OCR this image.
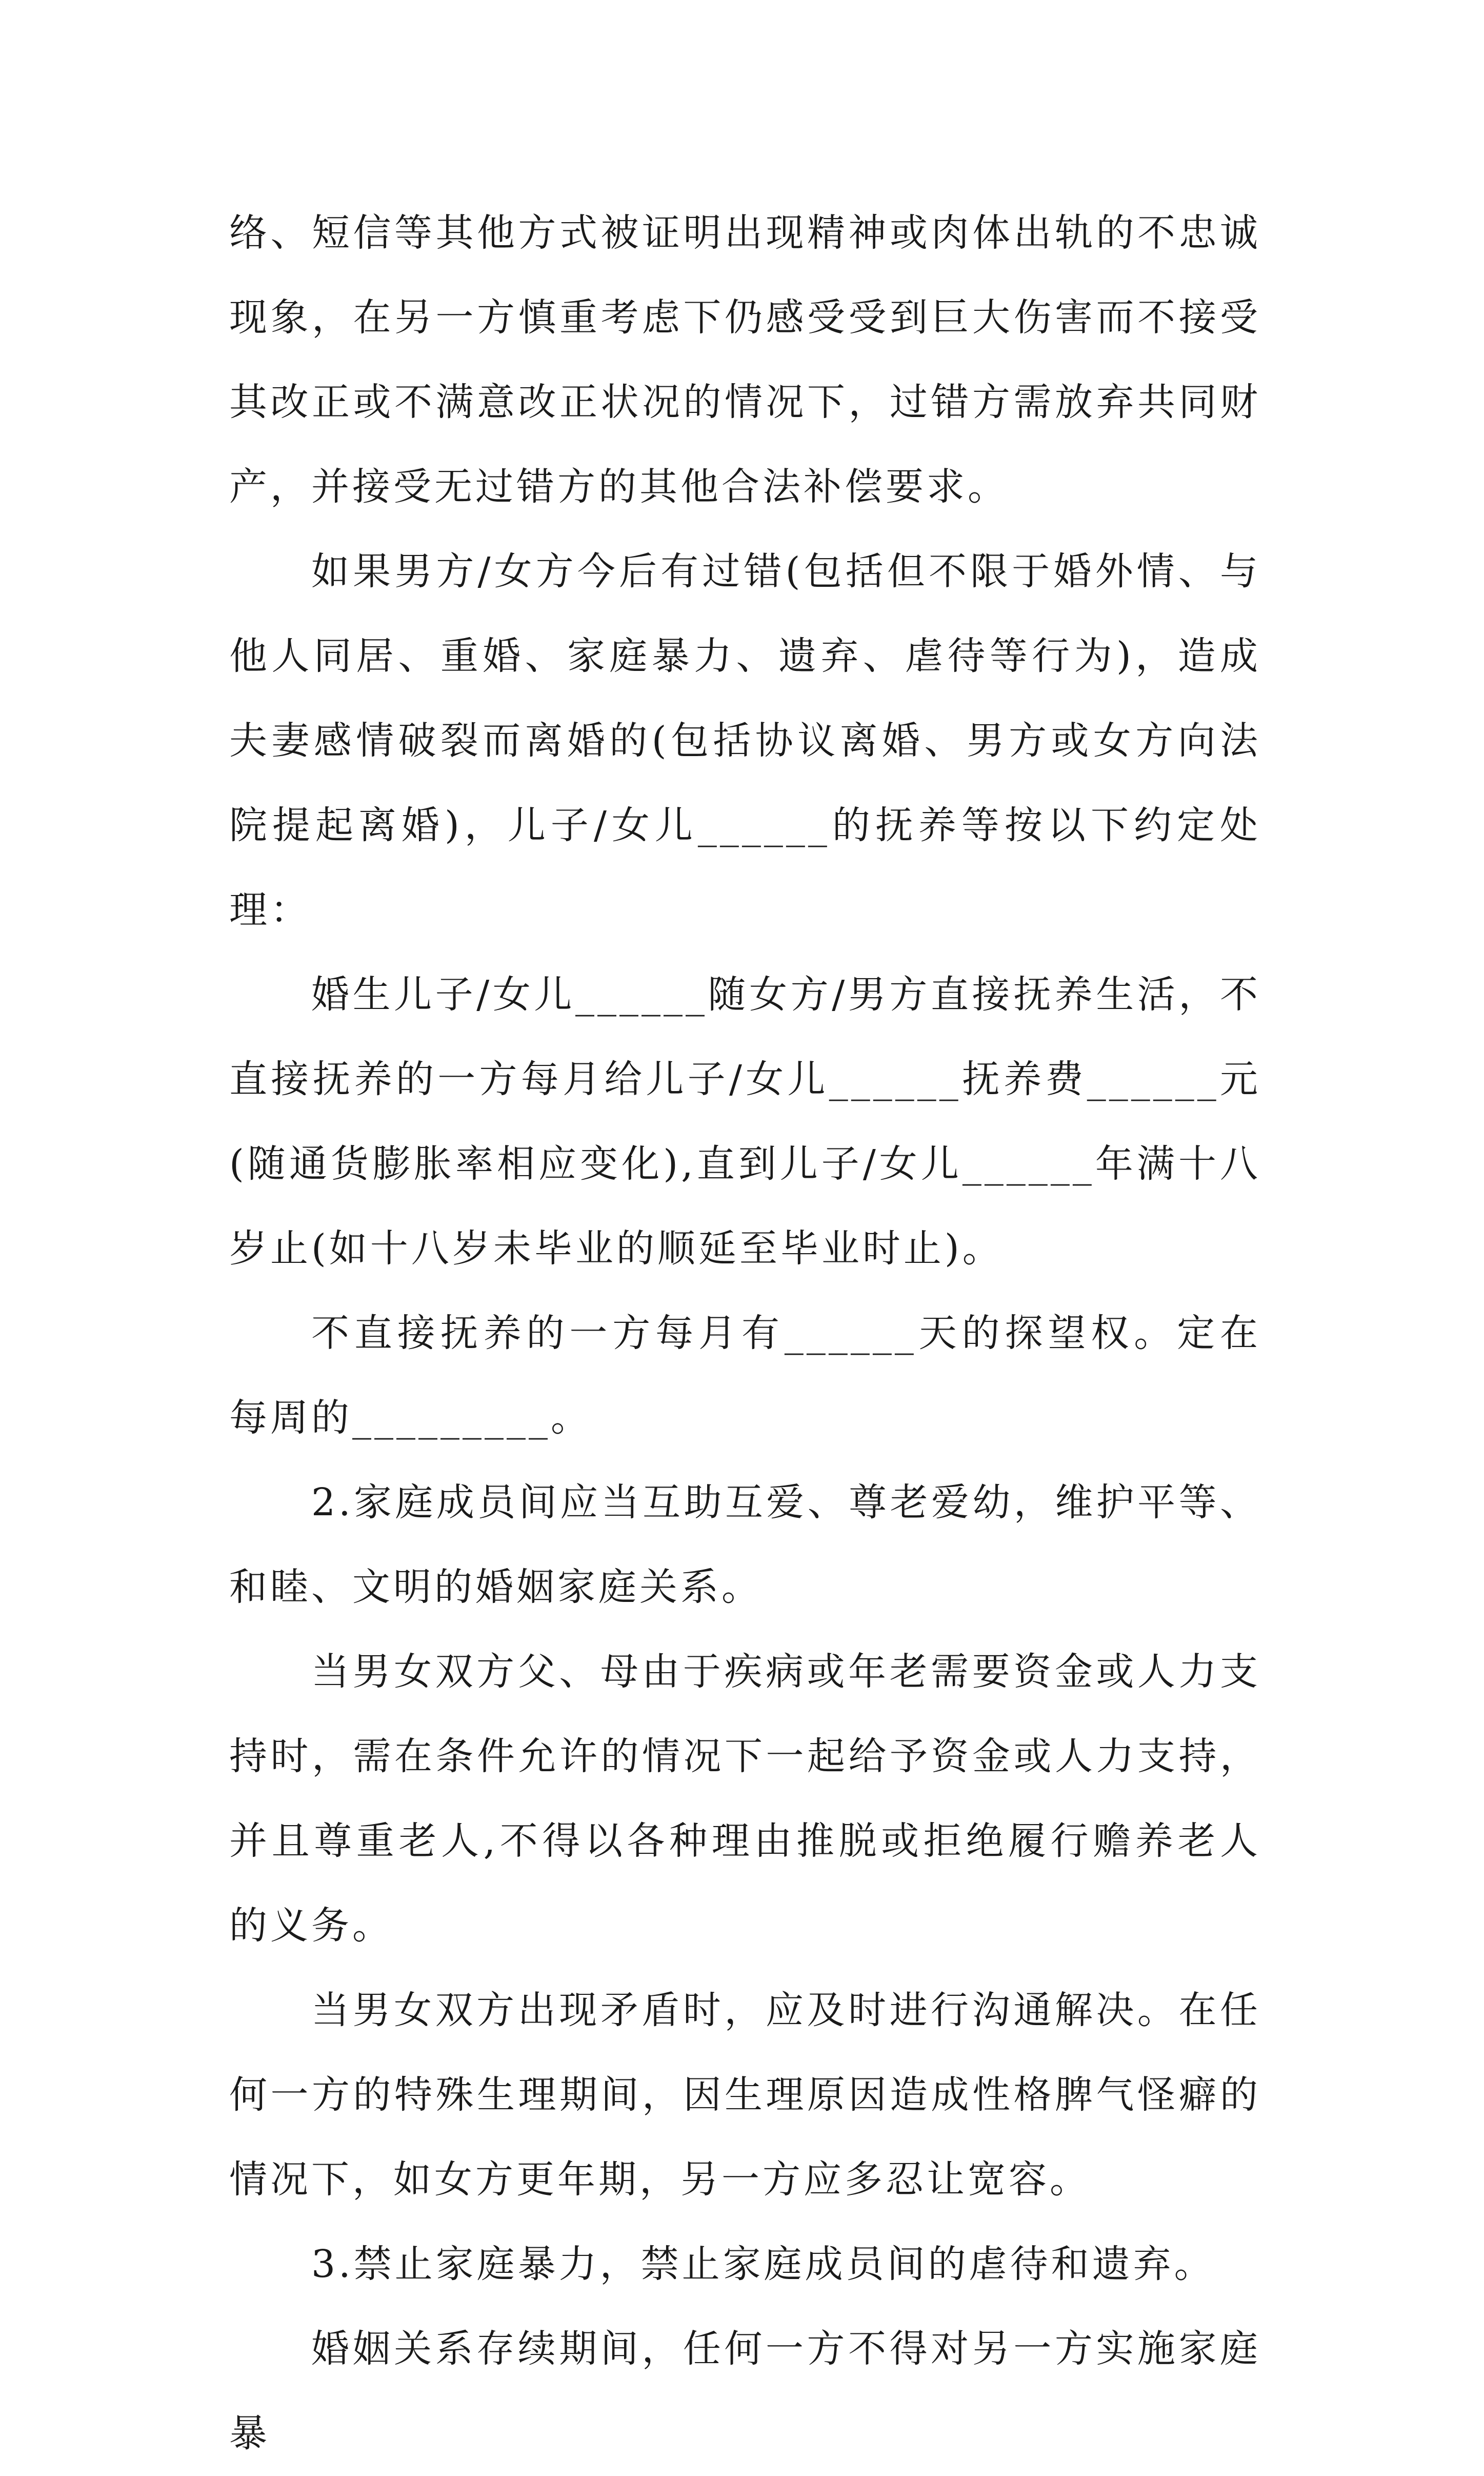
络、短信等其他方式被证明出现精神或肉体出轨的不忠诚现象，在另一方慎重考虑下仍感受受到巨大伤害而不接受其改正或不满意改正状况的情况下，过错方需放弃共同财产，并接受无过错方的其他合法补偿要求。

如果男方/女方今后有过错(包括但不限于婚外情、与他人同居、重婚、家庭暴力、遗弃、虐待等行为)，造成夫妻感情破裂而离婚的(包括协议离婚、男方或女方向法院提起离婚)，儿子/女儿______的抚养等按以下约定处理：

婚生儿子/女儿______随女方/男方直接抚养生活，不直接抚养的一方每月给儿子/女儿______抚养费______元(随通货膨胀率相应变化),直到儿子/女儿______年满十八岁止(如十八岁未毕业的顺延至毕业时止)。

不直接抚养的一方每月有______天的探望权。定在每周的_________。

2.家庭成员间应当互助互爱、尊老爱幼，维护平等、和睦、文明的婚姻家庭关系。

当男女双方父、母由于疾病或年老需要资金或人力支持时，需在条件允许的情况下一起给予资金或人力支持，并且尊重老人,不得以各种理由推脱或拒绝履行赡养老人的义务。

当男女双方出现矛盾时，应及时进行沟通解决。在任何一方的特殊生理期间，因生理原因造成性格脾气怪癖的情况下，如女方更年期，另一方应多忍让宽容。

3.禁止家庭暴力，禁止家庭成员间的虐待和遗弃。

婚姻关系存续期间，任何一方不得对另一方实施家庭暴
